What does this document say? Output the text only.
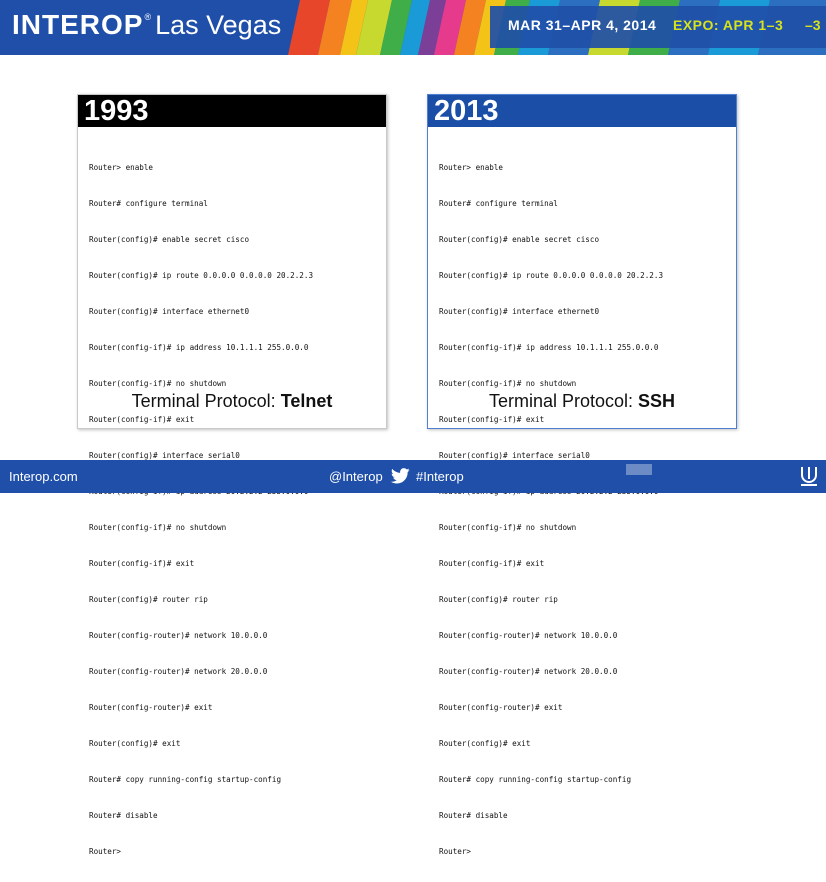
INTEROP ® Las Vegas	MAR 31–APR 4, 2014 EXPO: APR 1–3 –3
1993

Router> enable

Router# configure terminal

Router(config)# enable secret cisco

Router(config)# ip route 0.0.0.0 0.0.0.0 20.2.2.3

Router(config)# interface ethernet0

Router(config-if)# ip address 10.1.1.1 255.0.0.0

Router(config-if)# no shutdown

Router(config-if)# exit

Router(config)# interface serial0

Router(config-if)# no shutdown

Router(config-if)# exit

Router(config)# router rip

Router(config-router)# network 10.0.0.0

Router(config-router)# network 20.0.0.0

Router(config-router)# exit

Router(config)# exit

Router# copy running-config startup-config

Router# disable

Router>

Terminal Protocol: Telnet
2013

Router> enable

Router# configure terminal

Router(config)# enable secret cisco

Router(config)# ip route 0.0.0.0 0.0.0.0 20.2.2.3

Router(config)# interface ethernet0

Router(config-if)# ip address 10.1.1.1 255.0.0.0

Router(config-if)# no shutdown

Router(config-if)# exit

Router(config)# interface serial0

Router(config-if)# no shutdown

Router(config-if)# exit

Router(config)# router rip

Router(config-router)# network 10.0.0.0

Router(config-router)# network 20.0.0.0

Router(config-router)# exit

Router(config)# exit

Router# copy running-config startup-config

Router# disable

Router>

Terminal Protocol: SSH
Interop.com	@Interop	#Interop
